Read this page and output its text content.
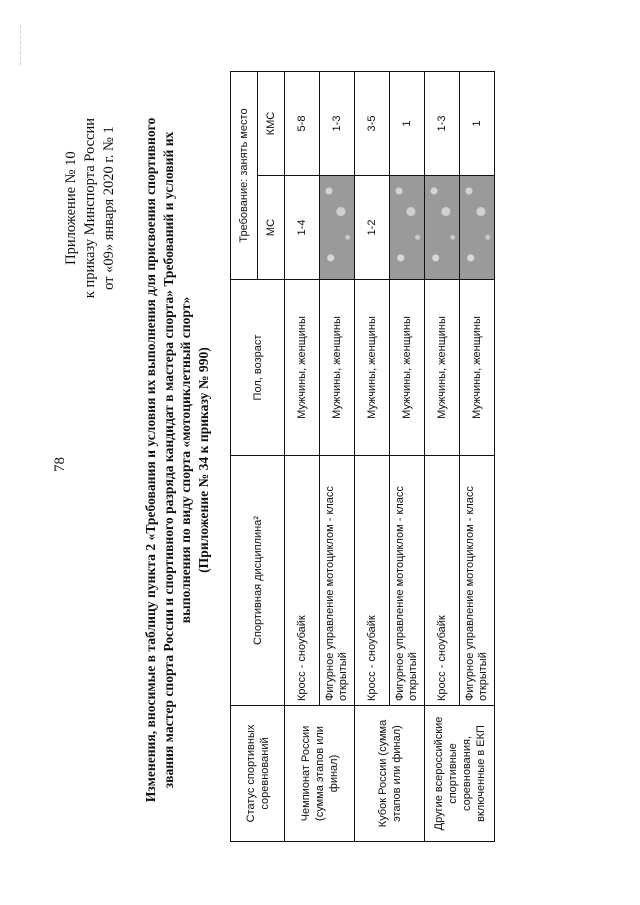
78
Приложение № 10 к приказу Минспорта России от «09» января 2020 г. № 1 Изменения, вносимые в таблицу пункта 2 «Требования и условия их выполнения для присвоения спортивного звания мастер спорта России и спортивного разряда кандидат в мастера спорта» Требований и условий их выполнения по виду спорта «мотоциклетный спорт» (Приложение № 34 к приказу № 990)
Статус спортивных соревнований	Спортивная дисциплина²	Пол, возраст	Требование: занять место	
			МС	КМС
Чемпионат России (сумма этапов или финал)	Кросс - сноубайк	Мужчины, женщины	1-4	5-8
	Фигурное управление мотоциклом - класс открытый	Мужчины, женщины		1-3
Кубок России (сумма этапов или финал)	Кросс - сноубайк	Мужчины, женщины	1-2	3-5
	Фигурное управление мотоциклом - класс открытый	Мужчины, женщины		1
Другие всероссийские спортивные соревнования, включенные в ЕКП	Кросс - сноубайк	Мужчины, женщины		1-3
	Фигурное управление мотоциклом - класс открытый	Мужчины, женщины		1
